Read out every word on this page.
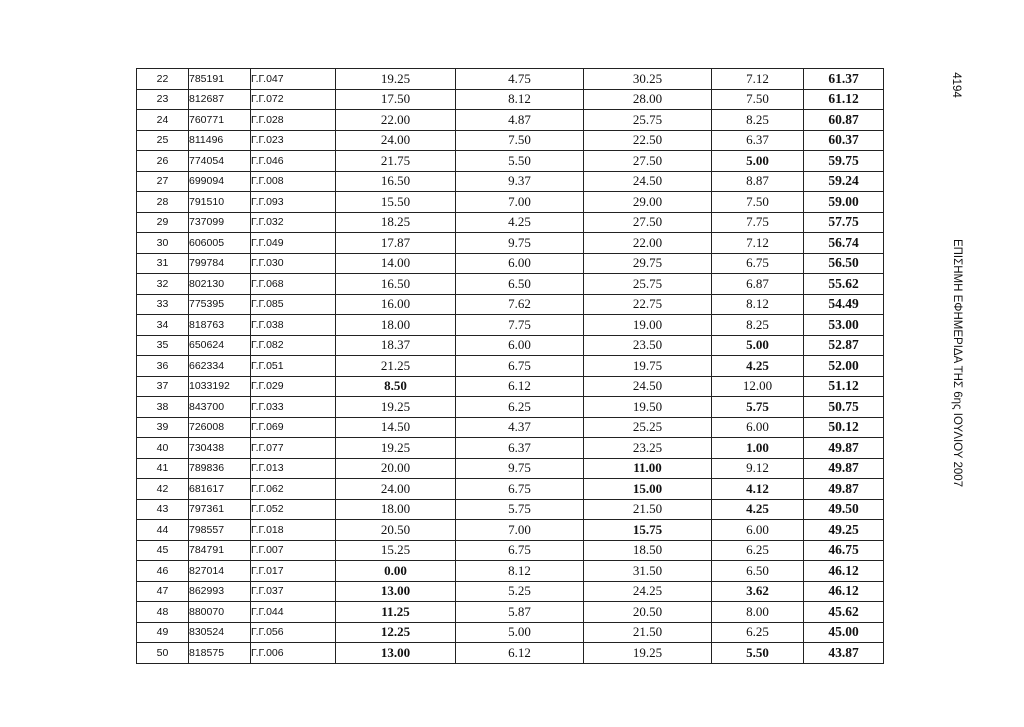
22	785191	Γ.Γ.047	19.25	4.75	30.25	7.12	61.37
23	812687	Γ.Γ.072	17.50	8.12	28.00	7.50	61.12
24	760771	Γ.Γ.028	22.00	4.87	25.75	8.25	60.87
25	811496	Γ.Γ.023	24.00	7.50	22.50	6.37	60.37
26	774054	Γ.Γ.046	21.75	5.50	27.50	5.00	59.75
27	699094	Γ.Γ.008	16.50	9.37	24.50	8.87	59.24
28	791510	Γ.Γ.093	15.50	7.00	29.00	7.50	59.00
29	737099	Γ.Γ.032	18.25	4.25	27.50	7.75	57.75
30	606005	Γ.Γ.049	17.87	9.75	22.00	7.12	56.74
31	799784	Γ.Γ.030	14.00	6.00	29.75	6.75	56.50
32	802130	Γ.Γ.068	16.50	6.50	25.75	6.87	55.62
33	775395	Γ.Γ.085	16.00	7.62	22.75	8.12	54.49
34	818763	Γ.Γ.038	18.00	7.75	19.00	8.25	53.00
35	650624	Γ.Γ.082	18.37	6.00	23.50	5.00	52.87
36	662334	Γ.Γ.051	21.25	6.75	19.75	4.25	52.00
37	1033192	Γ.Γ.029	8.50	6.12	24.50	12.00	51.12
38	843700	Γ.Γ.033	19.25	6.25	19.50	5.75	50.75
39	726008	Γ.Γ.069	14.50	4.37	25.25	6.00	50.12
40	730438	Γ.Γ.077	19.25	6.37	23.25	1.00	49.87
41	789836	Γ.Γ.013	20.00	9.75	11.00	9.12	49.87
42	681617	Γ.Γ.062	24.00	6.75	15.00	4.12	49.87
43	797361	Γ.Γ.052	18.00	5.75	21.50	4.25	49.50
44	798557	Γ.Γ.018	20.50	7.00	15.75	6.00	49.25
45	784791	Γ.Γ.007	15.25	6.75	18.50	6.25	46.75
46	827014	Γ.Γ.017	0.00	8.12	31.50	6.50	46.12
47	862993	Γ.Γ.037	13.00	5.25	24.25	3.62	46.12
48	880070	Γ.Γ.044	11.25	5.87	20.50	8.00	45.62
49	830524	Γ.Γ.056	12.25	5.00	21.50	6.25	45.00
50	818575	Γ.Γ.006	13.00	6.12	19.25	5.50	43.87
4194
ΕΠΙΣΗΜΗ ΕΦΗΜΕΡΙΔΑ ΤΗΣ 6ης ΙΟΥΛΙΟΥ 2007
